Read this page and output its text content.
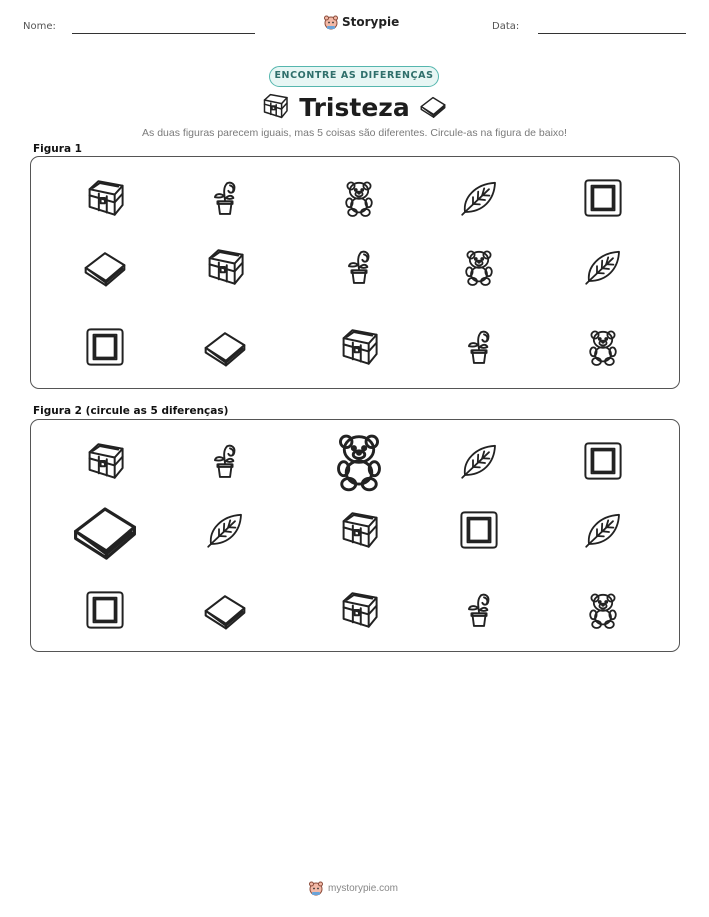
Nome:	Storypie	Data:
ENCONTRE AS DIFERENÇAS
Tristeza
As duas figuras parecem iguais, mas 5 coisas são diferentes. Circule-as na figura de baixo!
Figura 1
Figura 2 (circule as 5 diferenças)
mystorypie.com
